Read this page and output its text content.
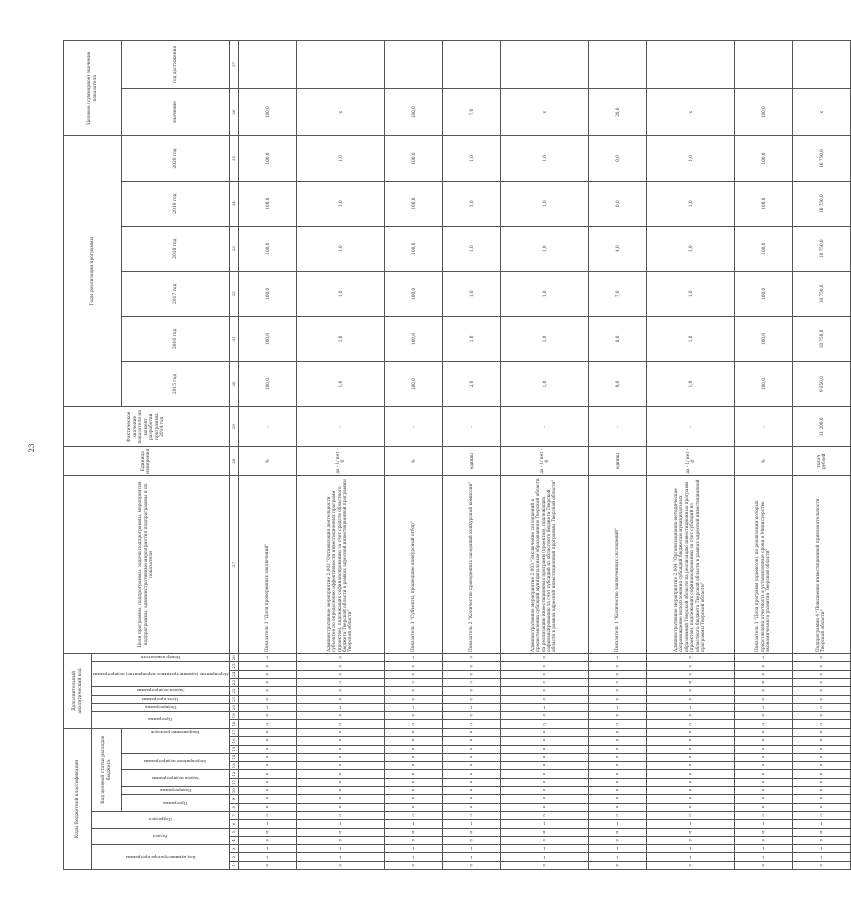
23
Коды бюджетной классификации																	Дополнительный аналитический код									Цели программы, подпрограммы, задачи подпрограммы, мероприятия подпрограммы, административные мероприятия подпрограммы и их показатели	Единица измерения	Фактическое значение показателя на момент разработки программы 2014 год	Годы реализации программы						Целевое (суммарное) значение показателя	

Код администратора программы			Раздел		Подраздел		Код целевой статьи расходов бюджета										Программа		Подпрограмма	Цель программы	Задача подпрограммы	Мероприятие (административное мероприятие) подпрограммы			Номер показателя											

							Программа		Подпрограмма	Задача подпрограммы		Мероприятие подпрограммы		Направление расходов															2015 год	2016 год	2017 год	2018 год	2019 год	2020 год	значение	год достижения
1	2	3	4	5	6	7	8	9	10	11	12	13	14	15	16	17	18	19	20	21	22	23	24	25	26	27	28	29	30	31	32	33	34	35	36	37

0	1	1	0	4	1	2	x	x	x	x	x	x	x	x	x	x	2	0	1	0	0	0	0	0	1	Показатель 1 "Доля проверенных заключений"	%	-	100,0	100,0	100,0	100,0	100,0	100,0	100,0	

0	1	1	0	4	1	2	x	x	x	x	x	x	x	x	x	x	2	0	1	0	0	2	0	0	0	Административное мероприятие 2.002 "Оптимизация деятельности субъектов по определению эффективности инвестиционных программ (проектов), подлежащих софинансированию за счет средств областного бюджета Тверской области в рамках адресной инвестиционной программы Тверской области"	да - 1/ нет - 0	-	1,0	1,0	1,0	1,0	1,0	1,0	x	

0	1	1	0	4	1	2	x	x	x	x	x	x	x	x	x	x	2	0	1	0	0	2	0	0	1	Показатель 1 "Субъекты, прошедшие конкурсный отбор"	%	-	100,0	100,0	100,0	100,0	100,0	100,0	100,0	

0	1	1	0	4	1	2	x	x	x	x	x	x	x	x	x	x	2	0	1	0	0	2	0	0	2	Показатель 2 "Количество проведенных заседаний конкурсной комиссии"	единиц	-	2,0	1,0	1,0	1,0	1,0	1,0	7,0	

0	1	1	0	4	1	2	x	x	x	x	x	x	x	x	x	x	2	0	1	0	0	3	0	0	0	Административное мероприятие 2.003 "Заключение соглашений о предоставлении субсидий муниципальным образованиям Тверской области на реализацию инвестиционных программ (проектов), подлежащих софинансированию за счет субсидий из областного бюджета Тверской области в рамках адресной инвестиционной программы Тверской области"	да - 1/ нет - 0	-	1,0	1,0	1,0	1,0	1,0	1,0	x	

0	1	1	0	4	1	2	x	x	x	x	x	x	x	x	x	x	2	0	1	0	0	3	0	0	1	Показатель 1 "Количество заключенных соглашений"	единиц	-	9,0	8,0	7,0	4,0	0,0	0,0	28,0	

0	1	1	0	4	1	2	x	x	x	x	x	x	x	x	x	x	2	0	1	0	0	4	0	0	0	Административное мероприятие 2.004 "Организационно-методическое сопровождение использования субсидий бюджетам муниципальных образований Тверской области на реализацию инвестиционных программ (проектов), подлежащих софинансированию за счет субсидий из областного бюджета Тверской области в рамках адресной инвестиционной программы Тверской области"	да - 1/ нет - 0	-	1,0	1,0	1,0	1,0	1,0	1,0	x	

0	1	1	0	4	1	2	x	x	x	x	x	x	x	x	x	x	2	0	1	0	0	4	0	0	1	Показатель 1 "Доля программ (проектов), по реализации которых представлена отчетность в установленные сроки в Министерство экономического развития Тверской области"	%	-	100,0	100,0	100,0	100,0	100,0	100,0	100,0	

0	1	1	0	4	1	2	x	x	x	x	x	x	x	x	x	x	2	0	2	0	0	0	0	0	0	Подпрограмма 4 "Повышение инвестиционной привлекательности Тверской области"	тысяч рублей	11 200,0	9 850,0	10 750,0	10 750,0	10 750,0	10 750,0	10 750,0	x	
